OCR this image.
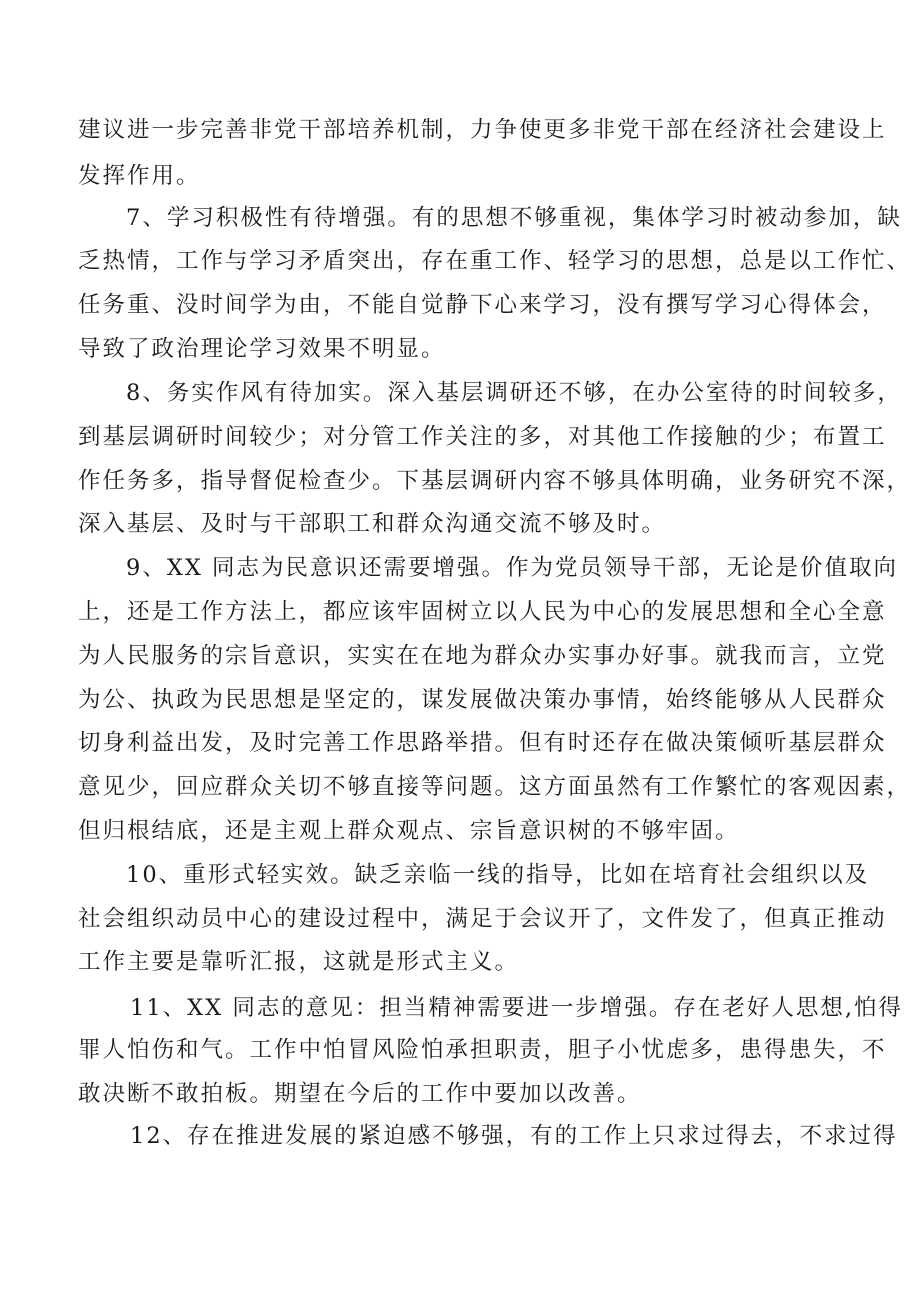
建议进一步完善非党干部培养机制，力争使更多非党干部在经济社会建设上
发挥作用。
7、学习积极性有待增强。有的思想不够重视，集体学习时被动参加，缺
乏热情，工作与学习矛盾突出，存在重工作、轻学习的思想，总是以工作忙、
任务重、没时间学为由，不能自觉静下心来学习，没有撰写学习心得体会，
导致了政治理论学习效果不明显。
8、务实作风有待加实。深入基层调研还不够，在办公室待的时间较多，
到基层调研时间较少；对分管工作关注的多，对其他工作接触的少；布置工
作任务多，指导督促检查少。下基层调研内容不够具体明确，业务研究不深，
深入基层、及时与干部职工和群众沟通交流不够及时。
9、XX 同志为民意识还需要增强。作为党员领导干部，无论是价值取向
上，还是工作方法上，都应该牢固树立以人民为中心的发展思想和全心全意
为人民服务的宗旨意识，实实在在地为群众办实事办好事。就我而言，立党
为公、执政为民思想是坚定的，谋发展做决策办事情，始终能够从人民群众
切身利益出发，及时完善工作思路举措。但有时还存在做决策倾听基层群众
意见少，回应群众关切不够直接等问题。这方面虽然有工作繁忙的客观因素，
但归根结底，还是主观上群众观点、宗旨意识树的不够牢固。
10、重形式轻实效。缺乏亲临一线的指导，比如在培育社会组织以及
社会组织动员中心的建设过程中，满足于会议开了，文件发了，但真正推动
工作主要是靠听汇报，这就是形式主义。
11、XX 同志的意见：担当精神需要进一步增强。存在老好人思想,怕得
罪人怕伤和气。工作中怕冒风险怕承担职责，胆子小忧虑多，患得患失，不
敢决断不敢拍板。期望在今后的工作中要加以改善。
12、存在推进发展的紧迫感不够强，有的工作上只求过得去，不求过得
